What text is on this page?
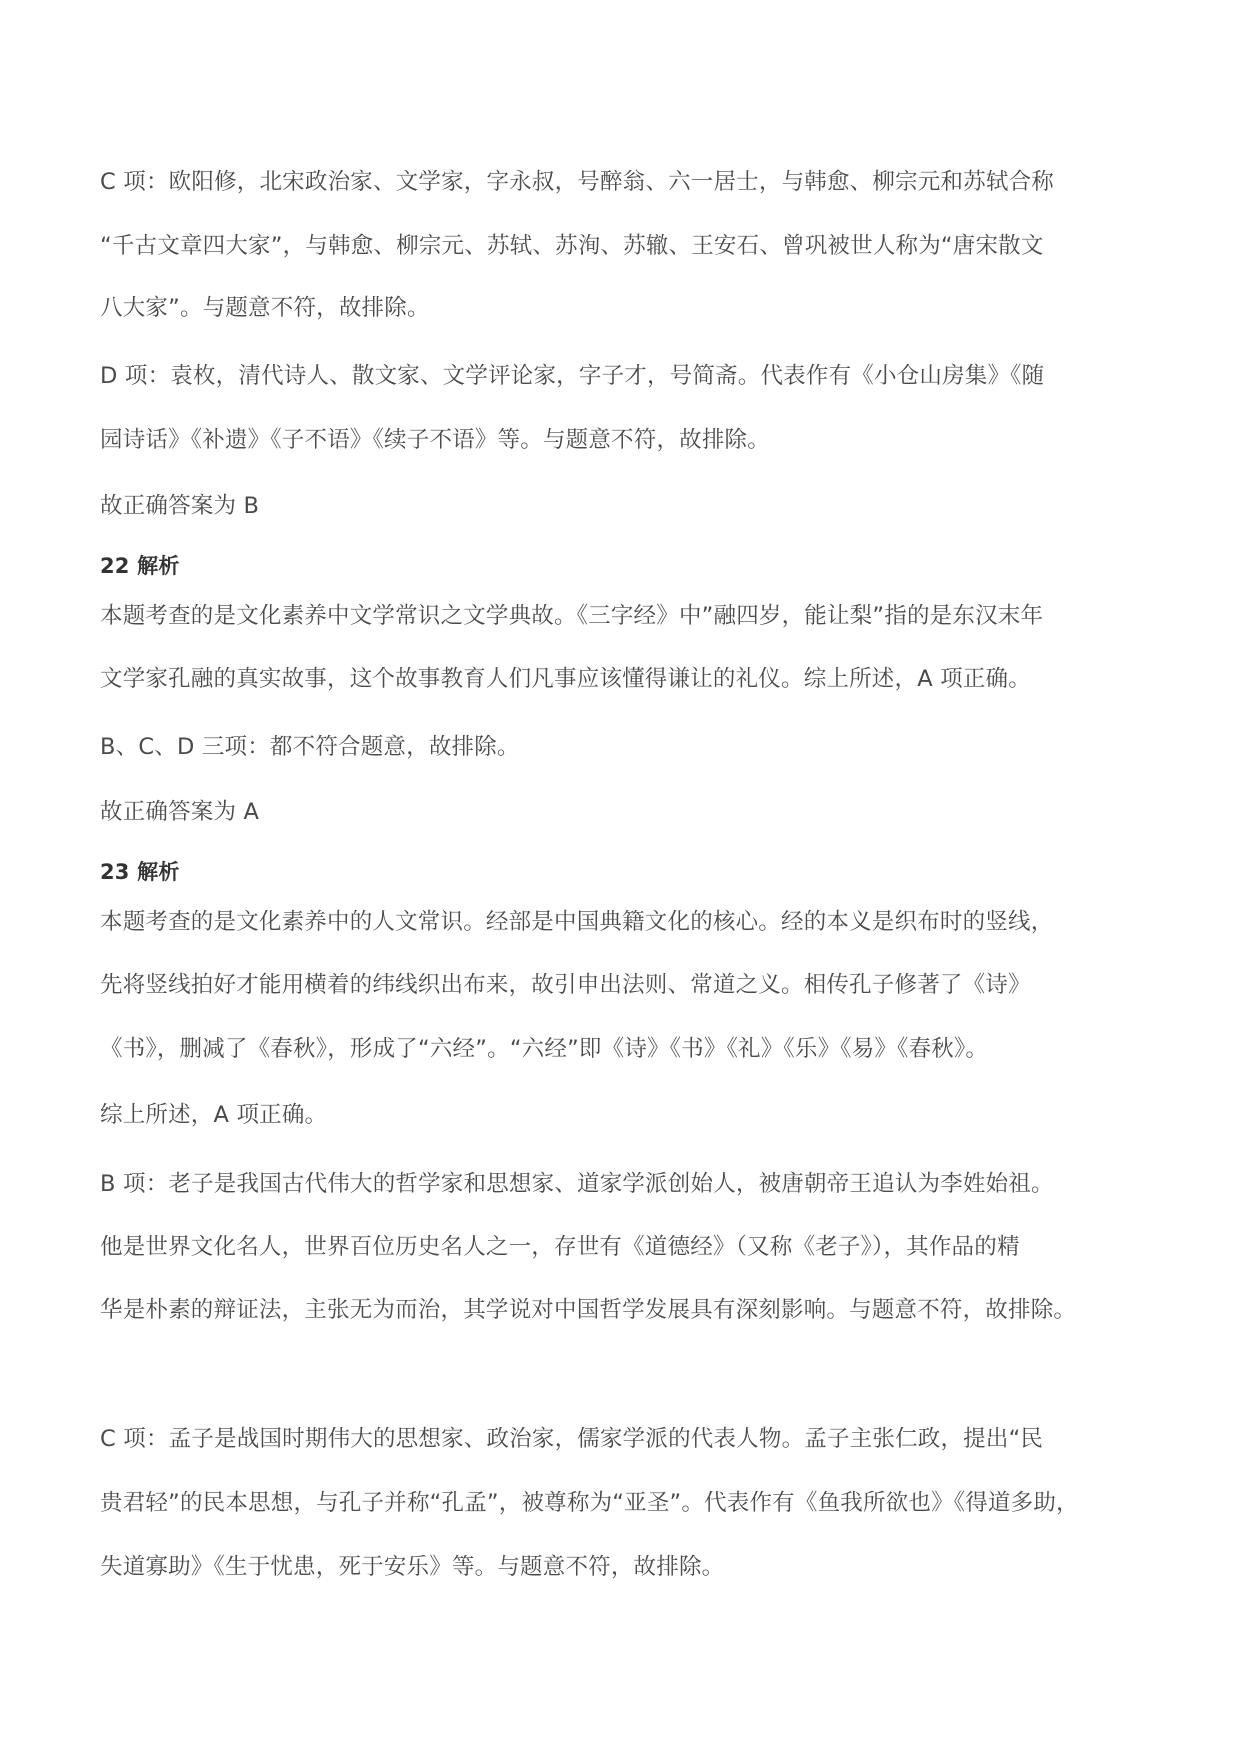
C 项：欧阳修，北宋政治家、文学家，字永叔，号醉翁、六一居士，与韩愈、柳宗元和苏轼合称
“千古文章四大家”，与韩愈、柳宗元、苏轼、苏洵、苏辙、王安石、曾巩被世人称为“唐宋散文
八大家”。与题意不符，故排除。
D 项：袁枚，清代诗人、散文家、文学评论家，字子才，号简斋。代表作有《小仓山房集》《随
园诗话》《补遗》《子不语》《续子不语》等。与题意不符，故排除。
故正确答案为 B
22 解析
本题考查的是文化素养中文学常识之文学典故。《三字经》中”融四岁，能让梨”指的是东汉末年
文学家孔融的真实故事，这个故事教育人们凡事应该懂得谦让的礼仪。综上所述，A 项正确。
B、C、D 三项：都不符合题意，故排除。
故正确答案为 A
23 解析
本题考查的是文化素养中的人文常识。经部是中国典籍文化的核心。经的本义是织布时的竖线，
先将竖线拍好才能用横着的纬线织出布来，故引申出法则、常道之义。相传孔子修著了《诗》
《书》，删减了《春秋》，形成了“六经”。“六经”即《诗》《书》《礼》《乐》《易》《春秋》。
综上所述，A 项正确。
B 项：老子是我国古代伟大的哲学家和思想家、道家学派创始人，被唐朝帝王追认为李姓始祖。
他是世界文化名人，世界百位历史名人之一，存世有《道德经》（又称《老子》），其作品的精
华是朴素的辩证法，主张无为而治，其学说对中国哲学发展具有深刻影响。与题意不符，故排除。
C 项：孟子是战国时期伟大的思想家、政治家，儒家学派的代表人物。孟子主张仁政，提出“民
贵君轻”的民本思想，与孔子并称“孔孟”，被尊称为“亚圣”。代表作有《鱼我所欲也》《得道多助，
失道寡助》《生于忧患，死于安乐》等。与题意不符，故排除。
